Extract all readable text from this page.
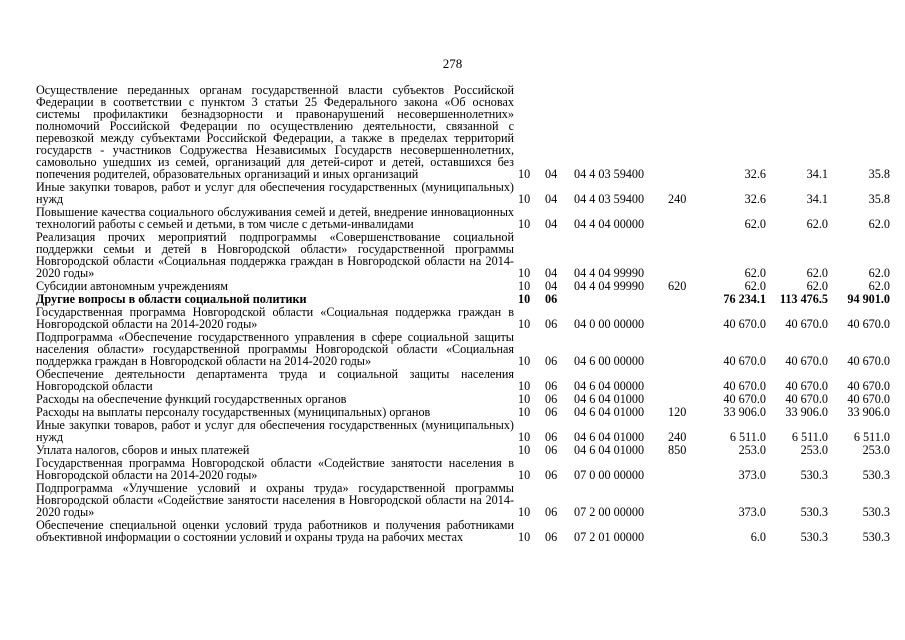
278
Осуществление переданных органам государственной власти субъектов Российской Федерации в соответствии с пунктом 3 статьи 25 Федерального закона «Об основах системы профилактики безнадзорности и правонарушений несовершеннолетних» полномочий Российской Федерации по осуществлению деятельности, связанной с перевозкой между субъектами Российской Федерации, а также в пределах территорий государств - участников Содружества Независимых Государств несовершеннолетних, самовольно ушедших из семей, организаций для детей-сирот и детей, оставшихся без попечения родителей, образовательных организаций и иных организаций	10	04	04 4 03 59400		32.6	34.1	35.8
Иные закупки товаров, работ и услуг для обеспечения государственных (муниципальных) нужд	10	04	04 4 03 59400	240	32.6	34.1	35.8
Повышение качества социального обслуживания семей и детей, внедрение инновационных технологий работы с семьей и детьми, в том числе с детьми-инвалидами	10	04	04 4 04 00000		62.0	62.0	62.0
Реализация прочих мероприятий подпрограммы «Совершенствование социальной поддержки семьи и детей в Новгородской области» государственной программы Новгородской области «Социальная поддержка граждан в Новгородской области на 2014-2020 годы»	10	04	04 4 04 99990		62.0	62.0	62.0
Субсидии автономным учреждениям	10	04	04 4 04 99990	620	62.0	62.0	62.0
Другие вопросы в области социальной политики	10	06			76 234.1	113 476.5	94 901.0
Государственная программа Новгородской области «Социальная поддержка граждан в Новгородской области на 2014-2020 годы»	10	06	04 0 00 00000		40 670.0	40 670.0	40 670.0
Подпрограмма «Обеспечение государственного управления в сфере социальной защиты населения области» государственной программы Новгородской области «Социальная поддержка граждан в Новгородской области на 2014-2020 годы»	10	06	04 6 00 00000		40 670.0	40 670.0	40 670.0
Обеспечение деятельности департамента труда и социальной защиты населения Новгородской области	10	06	04 6 04 00000		40 670.0	40 670.0	40 670.0
Расходы на обеспечение функций государственных органов	10	06	04 6 04 01000		40 670.0	40 670.0	40 670.0
Расходы на выплаты персоналу государственных (муниципальных) органов	10	06	04 6 04 01000	120	33 906.0	33 906.0	33 906.0
Иные закупки товаров, работ и услуг для обеспечения государственных (муниципальных) нужд	10	06	04 6 04 01000	240	6 511.0	6 511.0	6 511.0
Уплата налогов, сборов и иных платежей	10	06	04 6 04 01000	850	253.0	253.0	253.0
Государственная программа Новгородской области «Содействие занятости населения в Новгородской области на 2014-2020 годы»	10	06	07 0 00 00000		373.0	530.3	530.3
Подпрограмма «Улучшение условий и охраны труда» государственной программы Новгородской области «Содействие занятости населения в Новгородской области на 2014-2020 годы»	10	06	07 2 00 00000		373.0	530.3	530.3
Обеспечение специальной оценки условий труда работников и получения работниками объективной информации о состоянии условий и охраны труда на рабочих местах	10	06	07 2 01 00000		6.0	530.3	530.3
